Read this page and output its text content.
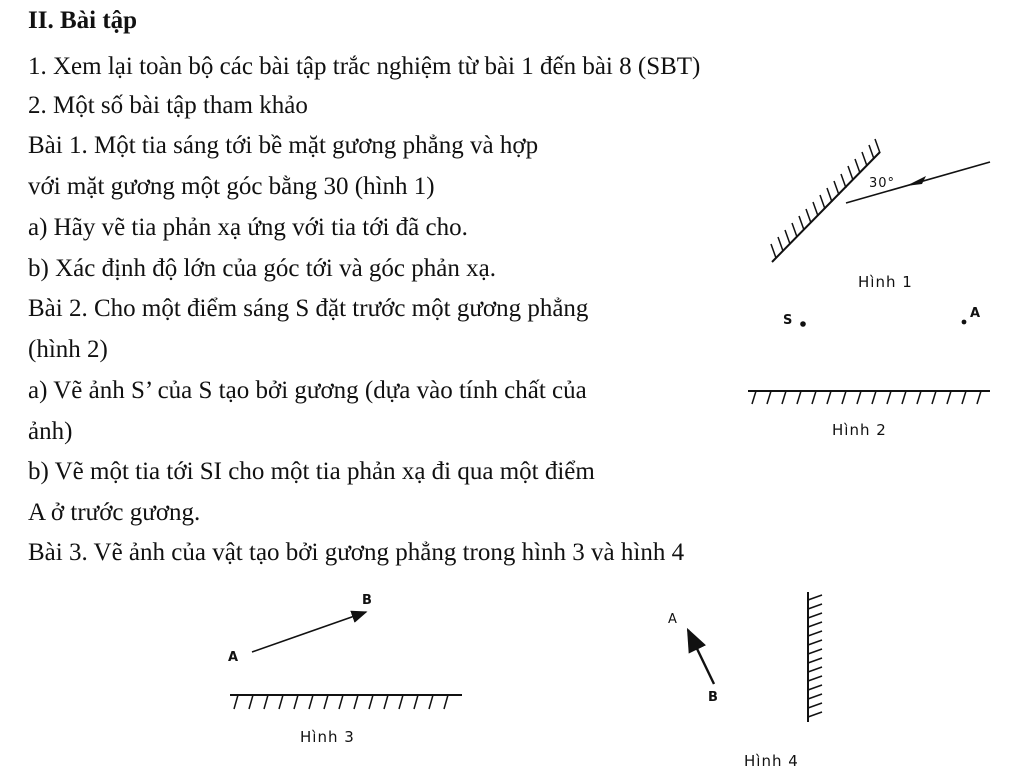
II. Bài tập
1. Xem lại toàn bộ các bài tập trắc nghiệm từ bài 1 đến bài 8 (SBT)
2. Một số bài tập tham khảo
Bài 1. Một tia sáng tới bề mặt gương phẳng và hợp
với mặt gương một góc bằng 30 (hình 1)
a) Hãy vẽ tia phản xạ ứng với tia tới đã cho.
b) Xác định độ lớn của góc tới và góc phản xạ.
Bài 2. Cho một điểm sáng S đặt trước một gương phẳng
(hình 2)
a) Vẽ ảnh S’ của S tạo bởi gương (dựa vào tính chất của
ảnh)
b) Vẽ một tia tới SI cho một tia phản xạ đi qua một điểm
A ở trước gương.
Bài 3. Vẽ ảnh của vật tạo bởi gương phẳng trong hình 3 và hình 4
30°
Hình 1
S	A
Hình 2
A
B
Hình 3
A
B
Hình 4
